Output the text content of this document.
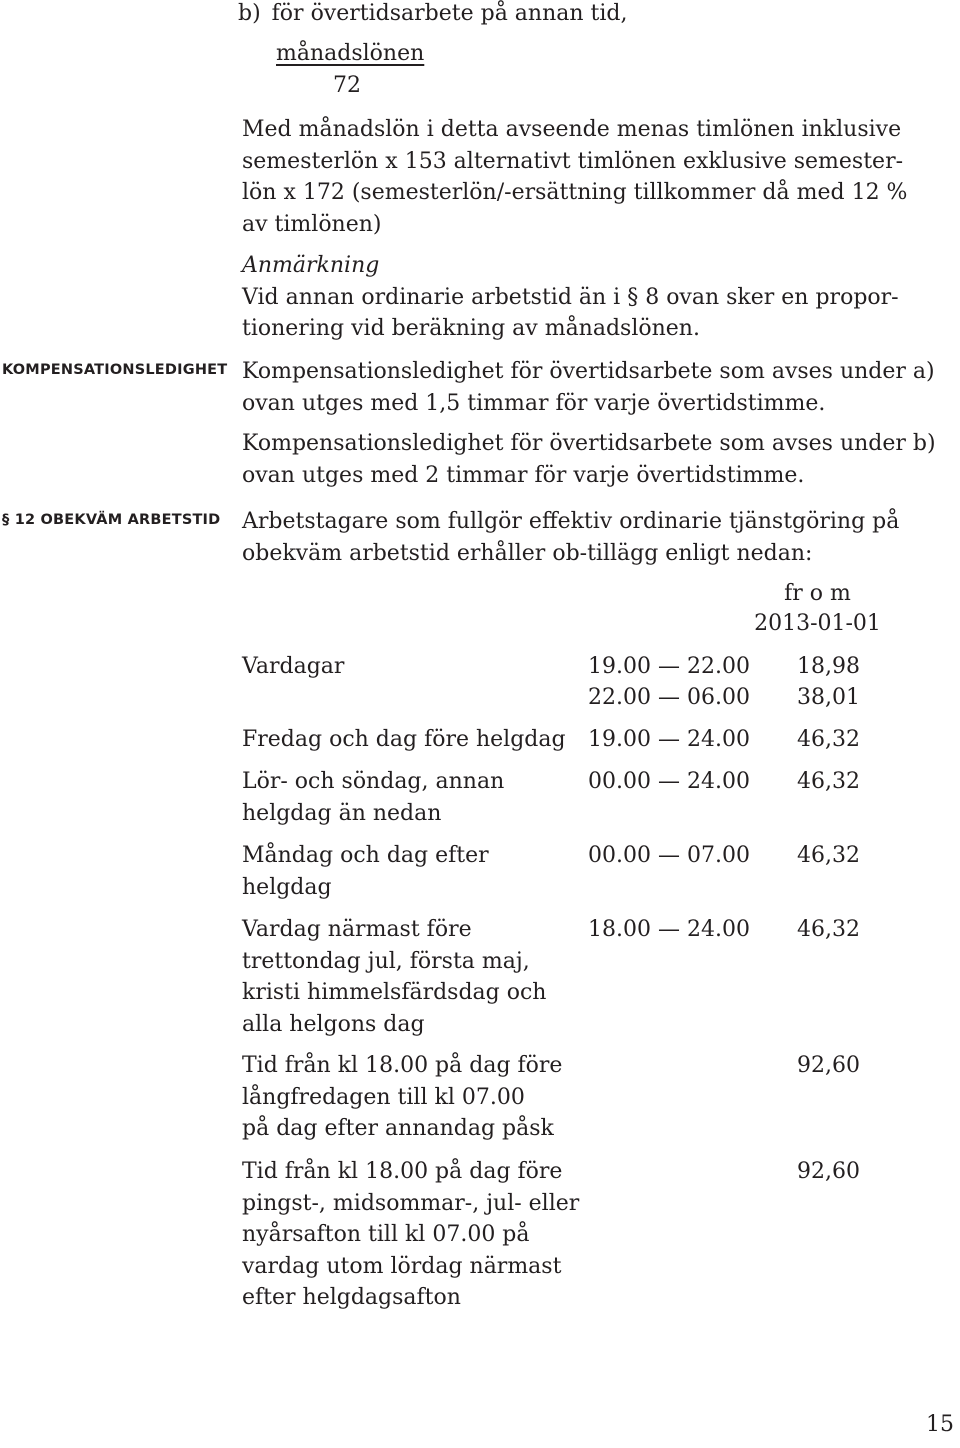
b) för övertidsarbete på annan tid,
månadslönen
72

Med månadslön i detta avseende menas timlönen inklusive

semesterlön x 153 alternativt timlönen exklusive semester-

lön x 172 (semesterlön/-ersättning tillkommer då med 12 %

av timlönen)

Anmärkning

Vid annan ordinarie arbetstid än i § 8 ovan sker en propor-

tionering vid beräkning av månadslönen.

KOMPENSATIONSLEDIGHET Kompensationsledighet för övertidsarbete som avses under a)

ovan utges med 1,5 timmar för varje övertidstimme.

Kompensationsledighet för övertidsarbete som avses under b)

ovan utges med 2 timmar för varje övertidstimme.

§ 12 OBEKVÄM ARBETSTID Arbetstagare som fullgör effektiv ordinarie tjänstgöring på

obekväm arbetstid erhåller ob-tillägg enligt nedan:

fr o m
2013-01-01
Vardagar	19.00 — 22.00	18,98
22.00 — 06.00	38,01
Fredag och dag före helgdag	19.00 — 24.00	46,32
Lör- och söndag, annan
helgdag än nedan
00.00 — 24.00	46,32
Måndag och dag efter
helgdag
00.00 — 07.00	46,32
Vardag närmast före
trettondag jul, första maj,
kristi himmelsfärdsdag och
alla helgons dag
18.00 — 24.00	46,32
Tid från kl 18.00 på dag före
långfredagen till kl 07.00
på dag efter annandag påsk
92,60
Tid från kl 18.00 på dag före
pingst-, midsommar-, jul- eller
nyårsafton till kl 07.00 på
vardag utom lördag närmast
efter helgdagsafton
92,60
15
